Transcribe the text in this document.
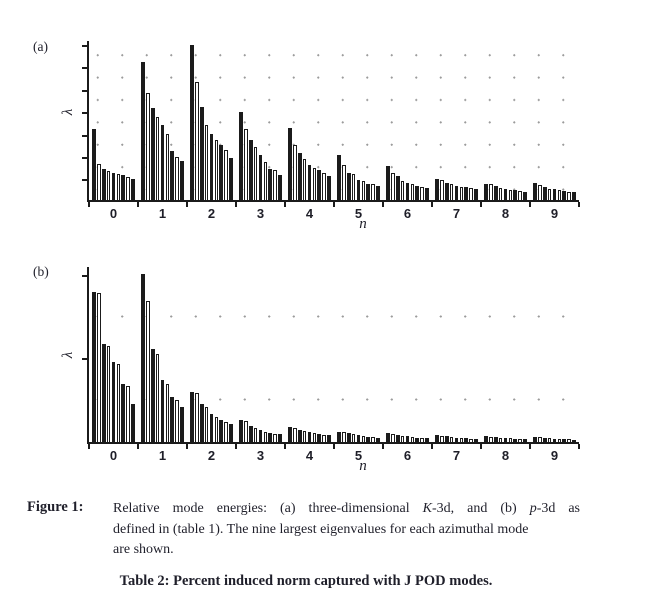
(a)
λ
0	1	2	3	4	5	6	7	8	9
n
(b)
λ
0	1	2	3	4	5	6	7	8	9
n
Figure 1: Relative mode energies: (a) three-dimensional K-3d, and (b) p-3d as
defined in (table 1). The nine largest eigenvalues for each azimuthal mode
are shown.
Table 2: Percent induced norm captured with J POD modes.
